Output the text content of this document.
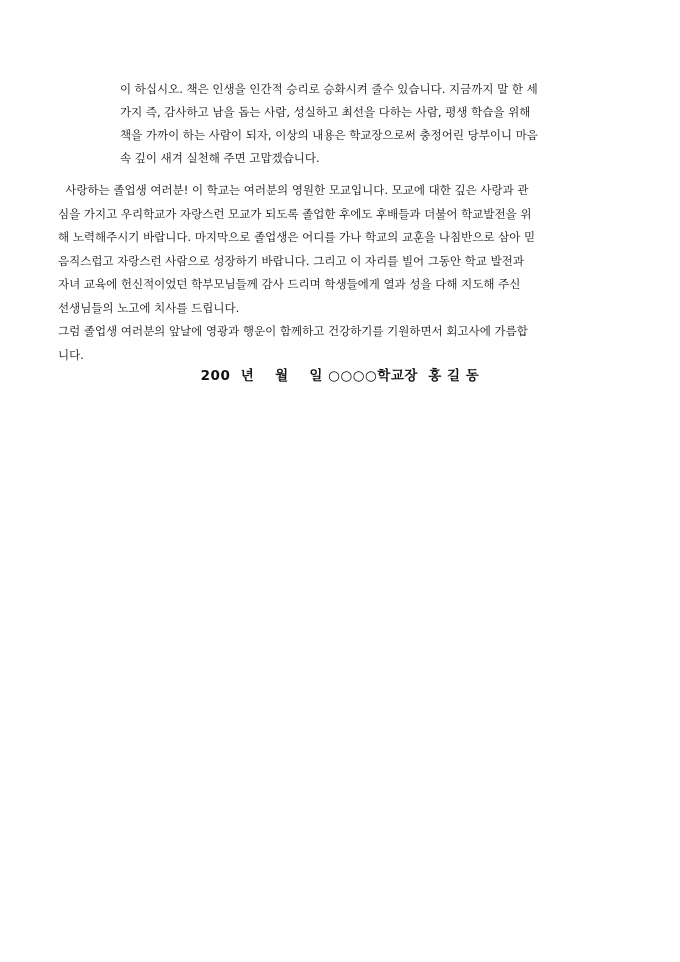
이 하십시오. 책은 인생을 인간적 승리로 승화시켜 줄수 있습니다. 지금까지 말 한 세
가지 즉, 감사하고 남을 돕는 사람, 성실하고 최선을 다하는 사람, 평생 학습을 위해
책을 가까이 하는 사람이 되자, 이상의 내용은 학교장으로써 충정어린 당부이니 마음
속 깊이 새겨 실천해 주면 고맙겠습니다.
사랑하는 졸업생 여러분! 이 학교는 여러분의 영원한 모교입니다. 모교에 대한 깊은 사랑과 관
심을 가지고 우리학교가 자랑스런 모교가 되도록 졸업한 후에도 후배들과 더불어 학교발전을 위
해 노력해주시기 바랍니다. 마지막으로 졸업생은 어디를 가나 학교의 교훈을 나침반으로 삼아 믿
음직스럽고 자랑스런 사람으로 성장하기 바랍니다. 그리고 이 자리를 빌어 그동안 학교 발전과
자녀 교육에 헌신적이었던 학부모님들께 감사 드리며 학생들에게 열과 성을 다해 지도해 주신
선생님들의 노고에 치사를 드립니다.
그럼 졸업생 여러분의 앞날에 영광과 행운이 함께하고 건강하기를 기원하면서 회고사에 가름합
니다.
200  년    월    일 ○○○○학교장  홍 길 동
